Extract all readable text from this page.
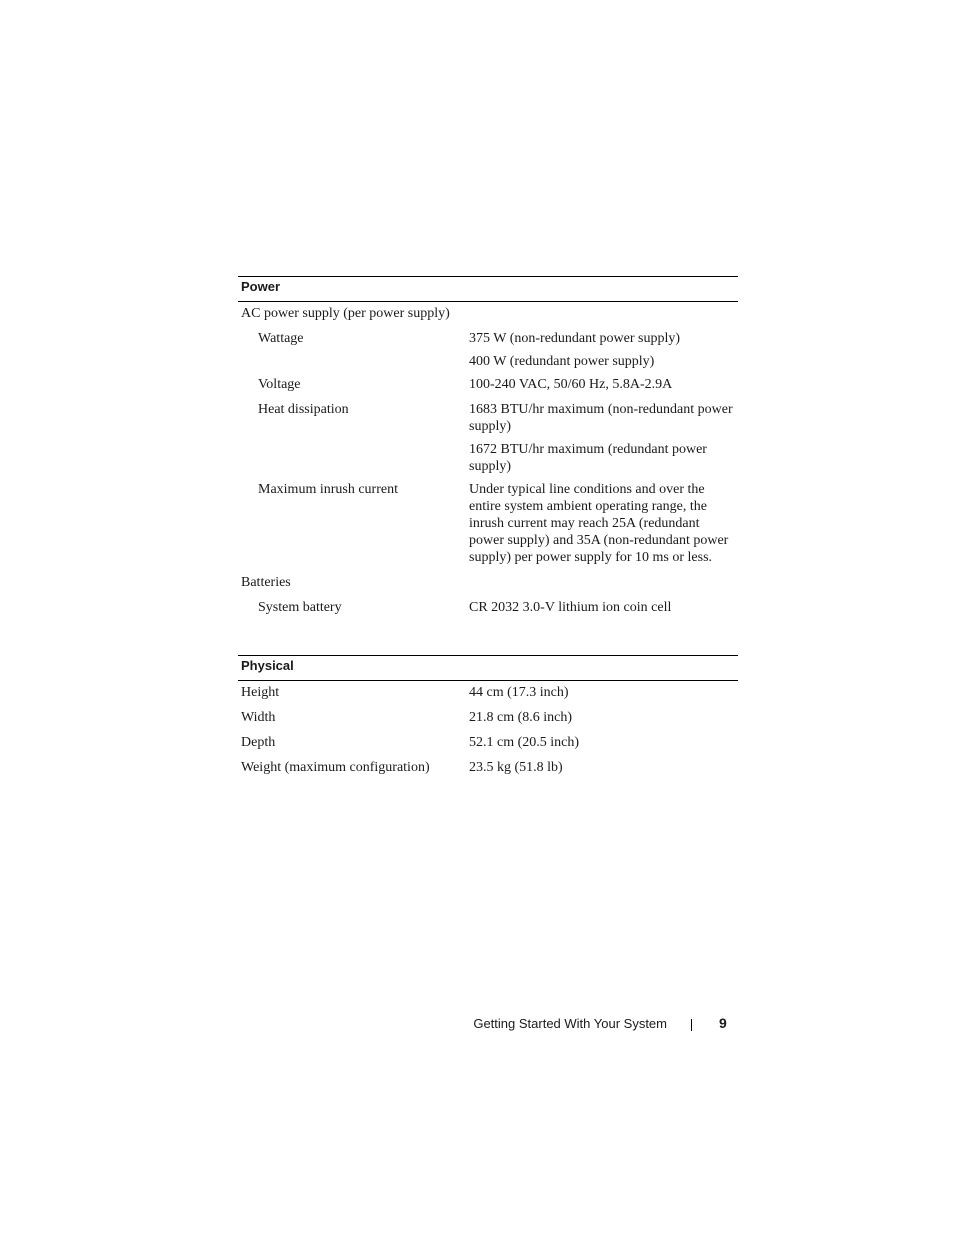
Power
AC power supply (per power supply)
Wattage	375 W (non-redundant power supply)
400 W (redundant power supply)
Voltage	100-240 VAC, 50/60 Hz, 5.8A-2.9A
Heat dissipation	1683 BTU/hr maximum (non-redundant power supply)
1672 BTU/hr maximum (redundant power supply)
Maximum inrush current	Under typical line conditions and over the entire system ambient operating range, the inrush current may reach 25A (redundant power supply) and 35A (non-redundant power supply) per power supply for 10 ms or less.
Batteries
System battery	CR 2032 3.0-V lithium ion coin cell
Physical
Height	44 cm (17.3 inch)
Width	21.8 cm (8.6 inch)
Depth	52.1 cm (20.5 inch)
Weight (maximum configuration)	23.5 kg (51.8 lb)
Getting Started With Your System	9
